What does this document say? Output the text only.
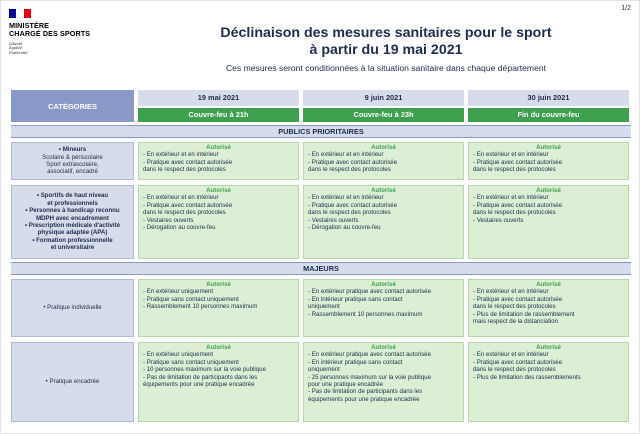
1/2
MINISTÈRE
CHARGÉ DES SPORTS
Liberté
Égalité
Fraternité
Déclinaison des mesures sanitaires pour le sport
à partir du 19 mai 2021
Ces mesures seront conditionnées à la situation sanitaire dans chaque département
CATÉGORIES
19 mai 2021
Couvre-feu à 21h
9 juin 2021
Couvre-feu à 23h
30 juin 2021
Fin du couvre-feu
PUBLICS PRIORITAIRES
• Mineurs
Scolaire & périscolaire
Sport extrascolaire,
associatif, encadré
Autorisé
- En extérieur et en intérieur
- Pratique avec contact autorisée
dans le respect des protocoles
Autorisé
- En extérieur et en intérieur
- Pratique avec contact autorisée
dans le respect des protocoles
Autorisé
- En extérieur et en intérieur
- Pratique avec contact autorisée
dans le respect des protocoles
• Sportifs de haut niveau
et professionnels
• Personnes à handicap reconnu
MDPH avec encadrement
• Prescription médicale d'activité
physique adaptée (APA)
• Formation professionnelle
et universitaire
Autorisé
- En extérieur et en intérieur
- Pratique avec contact autorisée
dans le respect des protocoles
- Vestaires ouverts
- Dérogation au couvre-feu
Autorisé
- En extérieur et en intérieur
- Pratique avec contact autorisée
dans le respect des protocoles
- Vestaires ouverts
- Dérogation au couvre-feu
Autorisé
- En extérieur et en intérieur
- Pratique avec contact autorisée
dans le respect des protocoles
- Vestaires ouverts
MAJEURS
• Pratique individuelle
Autorisé
- En extérieur uniquement
- Pratique sans contact uniquement
- Rassemblement 10 personnes maximum
Autorisé
- En extérieur pratique avec contact autorisée
- En intérieur pratique sans contact
uniquement
- Rassemblement 10 personnes maximum
Autorisé
- En extérieur et en intérieur
- Pratique avec contact autorisée
dans le respect des protocoles
- Plus de limitation de rassemblement
mais respect de la distanciation
• Pratique encadrée
Autorisé
- En extérieur uniquement
- Pratique sans contact uniquement
- 10 personnes maximum sur la voie publique
- Pas de limitation de participants dans les
équipements pour une pratique encadrée
Autorisé
- En extérieur pratique avec contact autorisée
- En intérieur pratique sans contact
uniquement
- 25 personnes maximum sur la voie publique
pour une pratique encadrée
- Pas de limitation de participants dans les
équipements pour une pratique encadrée
Autorisé
- En extérieur et en intérieur
- Pratique avec contact autorisée
dans le respect des protocoles
- Plus de limitation des rassemblements
